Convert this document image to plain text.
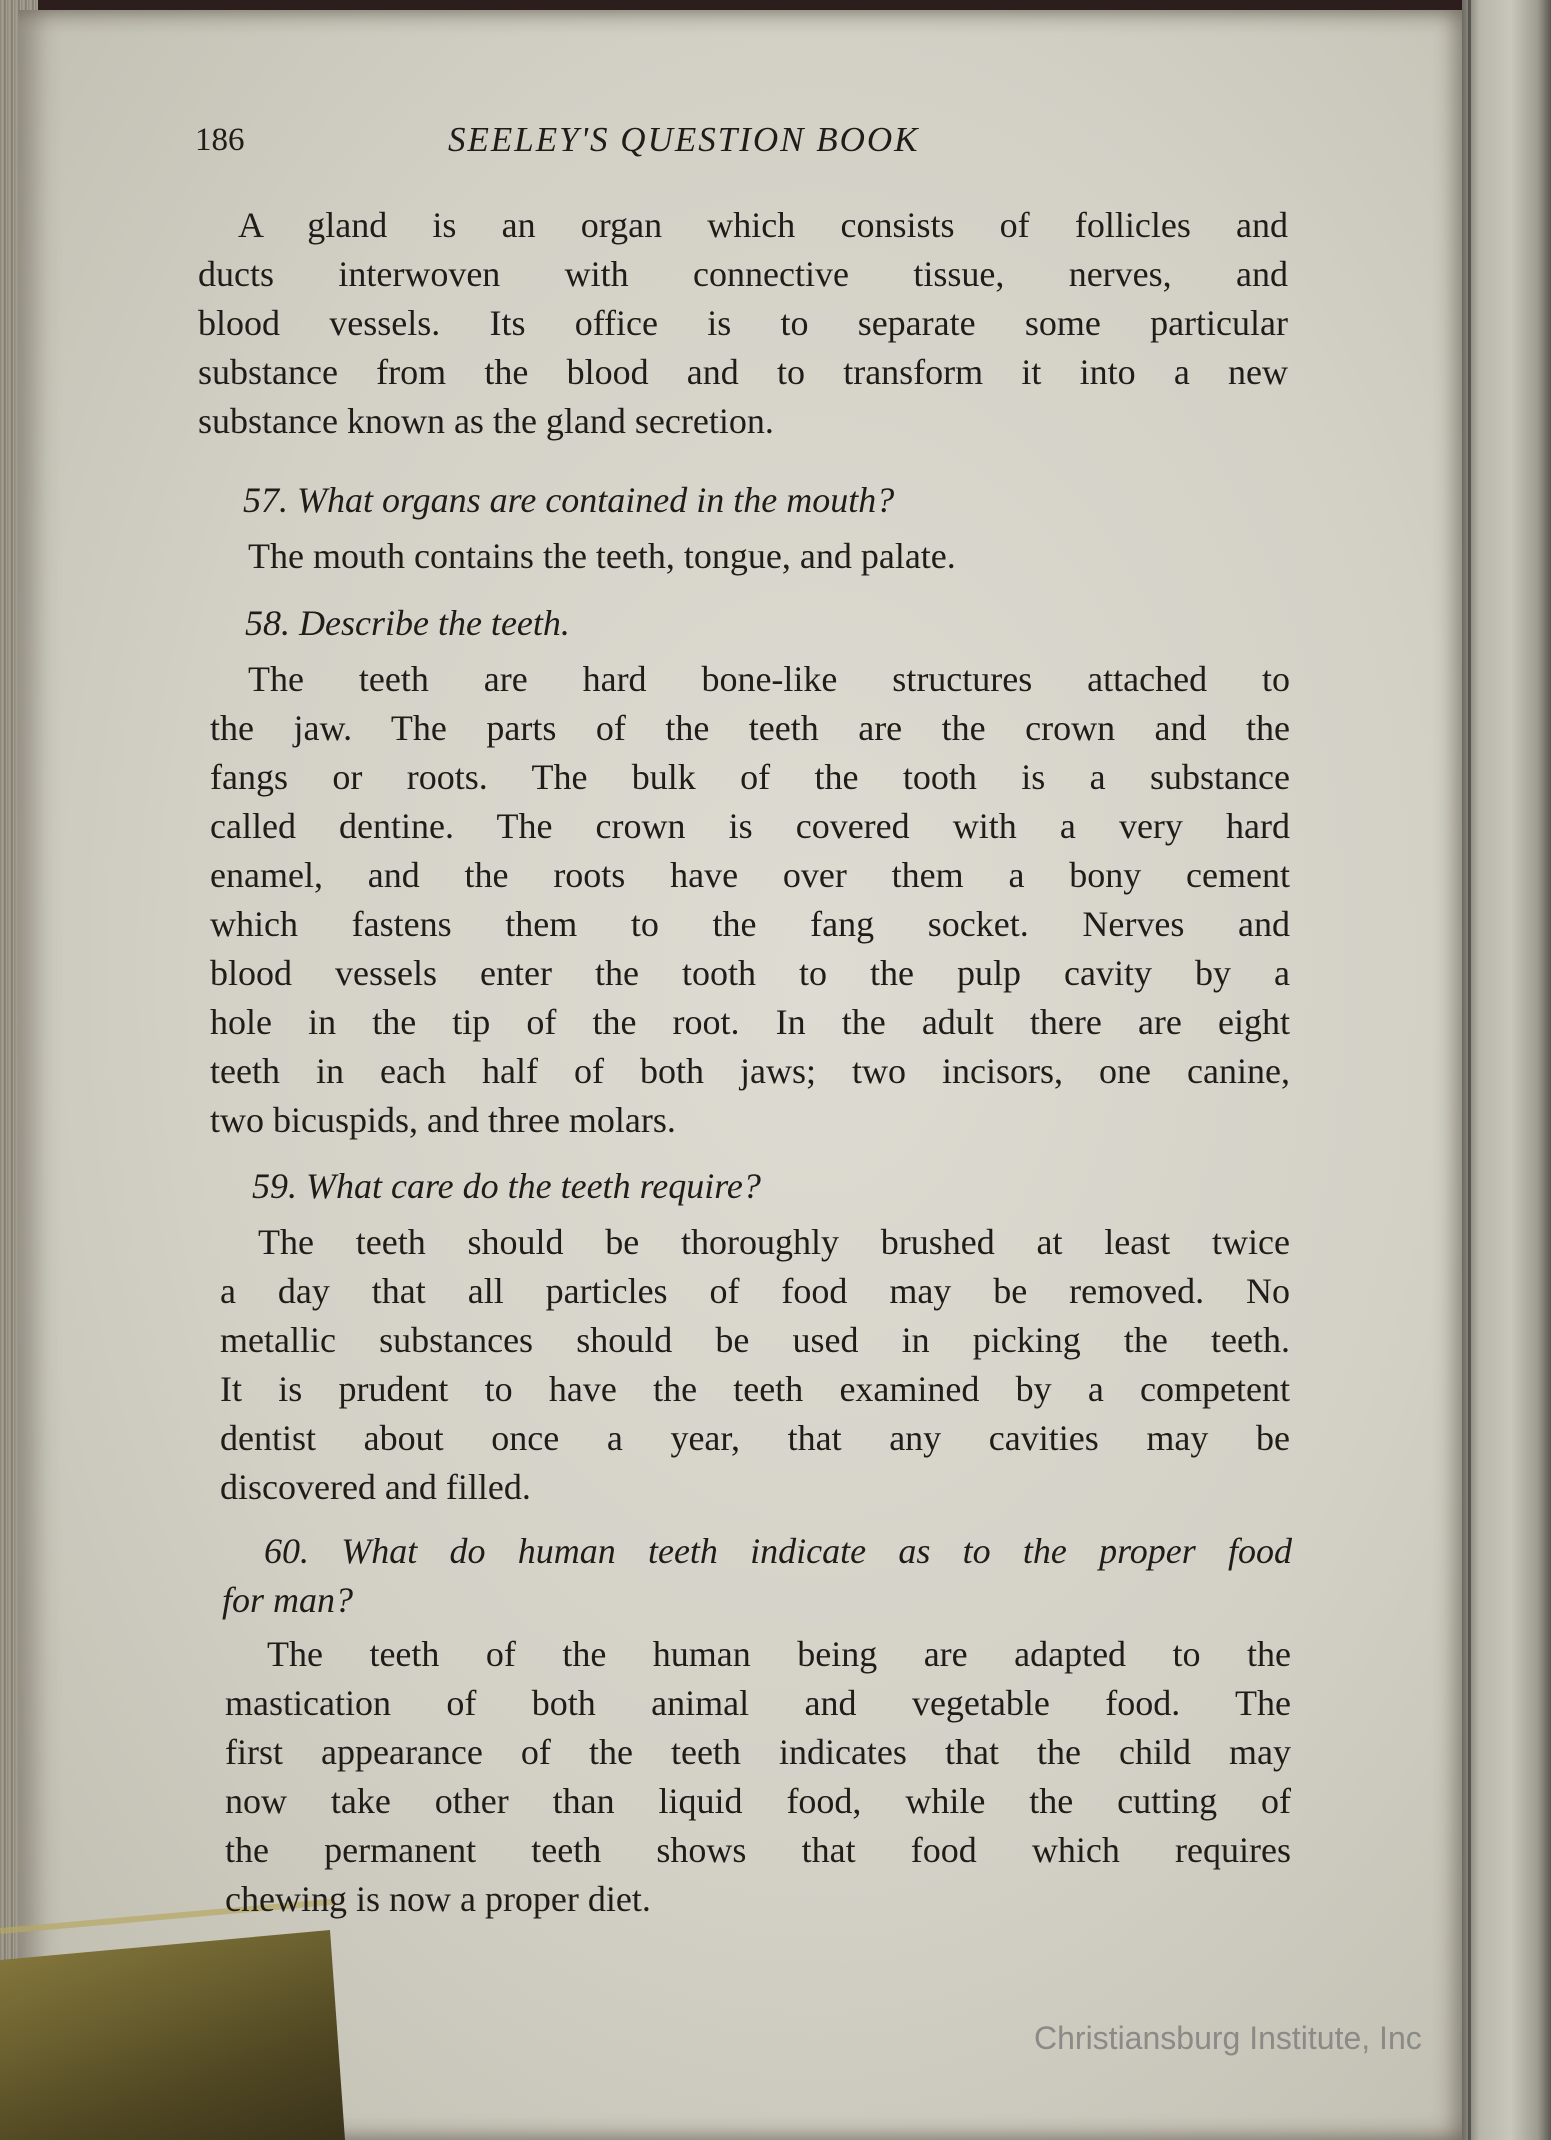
186	SEELEY'S QUESTION BOOK
A gland is an organ which consists of follicles and
ducts interwoven with connective tissue, nerves, and
blood vessels. Its office is to separate some particular
substance from the blood and to transform it into a new
substance known as the gland secretion.
57. What organs are contained in the mouth?
The mouth contains the teeth, tongue, and palate.
58. Describe the teeth.
The teeth are hard bone-like structures attached to
the jaw. The parts of the teeth are the crown and the
fangs or roots. The bulk of the tooth is a substance
called dentine. The crown is covered with a very hard
enamel, and the roots have over them a bony cement
which fastens them to the fang socket. Nerves and
blood vessels enter the tooth to the pulp cavity by a
hole in the tip of the root. In the adult there are eight
teeth in each half of both jaws; two incisors, one canine,
two bicuspids, and three molars.
59. What care do the teeth require?
The teeth should be thoroughly brushed at least twice
a day that all particles of food may be removed. No
metallic substances should be used in picking the teeth.
It is prudent to have the teeth examined by a competent
dentist about once a year, that any cavities may be
discovered and filled.
60. What do human teeth indicate as to the proper food
for man?
The teeth of the human being are adapted to the
mastication of both animal and vegetable food. The
first appearance of the teeth indicates that the child may
now take other than liquid food, while the cutting of
the permanent teeth shows that food which requires
chewing is now a proper diet.
Christiansburg Institute, Inc
